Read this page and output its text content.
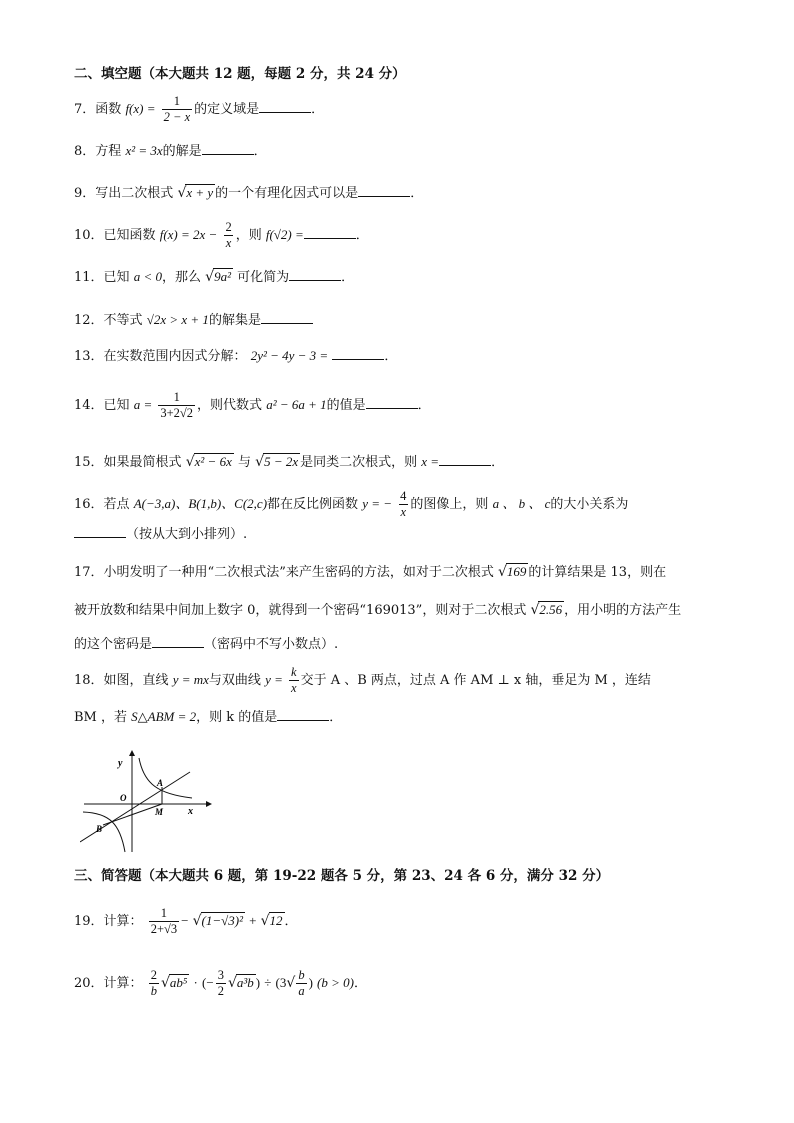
二、填空题（本大题共 12 题，每题 2 分，共 24 分）
7．函数 $f(x) = \frac{1}{2 - x}$ 的定义域是	．
8．方程 x² = 3x的解是	．
9．写出二次根式 √x + y 的一个有理化因式可以是	．
10．已知函数 $f(x) = 2x - \frac{2}{x}$ ，则 f(√2) =	．
11．已知 a < 0，那么 √9a² 可化简为	．
12．不等式 √2x > x + 1的解集是
13．在实数范围内因式分解： 2y² − 4y − 3 =	．
14．已知 $a = \frac{1}{3+2√2}$ ，则代数式 a² − 6a + 1的值是	．
15．如果最简根式 √x² − 6x 与 √5 − 2x 是同类二次根式，则 x =	．
16．若点 A(−3,a)、B(1,b)、C(2,c)都在反比例函数 y = − $\frac{4}{x}$ 的图像上，则 a 、 b 、 c的大小关系为
（按从大到小排列）.
17．小明发明了一种用“二次根式法”来产生密码的方法，如对于二次根式 √169 的计算结果是 13，则在
被开放数和结果中间加上数字 0，就得到一个密码“169013”，则对于二次根式 √2.56 ，用小明的方法产生
的这个密码是	（密码中不写小数点）.
18．如图，直线 y = mx与双曲线 $y = \frac{k}{x}$ 交于 A 、B 两点，过点 A 作 AM ⊥ x 轴，垂足为 M ，连结
BM ，若 S△ABM = 2，则 k 的值是	．
y
x
O
A
B
M
三、简答题（本大题共 6 题，第 19-22 题各 5 分，第 23、24 各 6 分，满分 32 分）
19．计算： $\frac{1}{2+√3} - √(1-√3)^2 + √12$ ．
20．计算： $\frac{2}{b} √ab^5$ · (− $\frac{3}{2} √a^3b$ ) ÷ ($3√ \frac{b}{a}$ ) (b > 0)．
